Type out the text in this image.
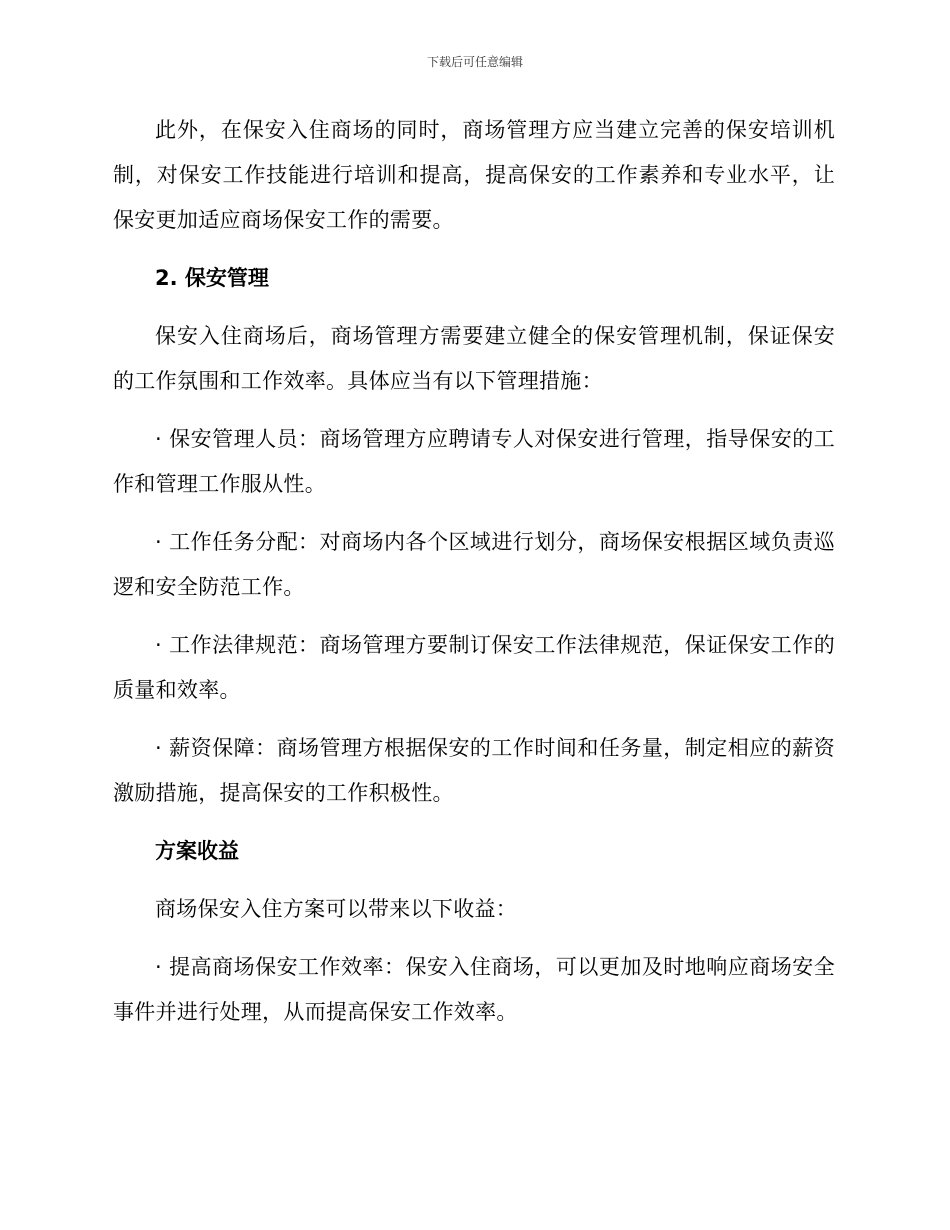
下载后可任意编辑

此外，在保安入住商场的同时，商场管理方应当建立完善的保安培训机制，对保安工作技能进行培训和提高，提高保安的工作素养和专业水平，让保安更加适应商场保安工作的需要。

2. 保安管理

保安入住商场后，商场管理方需要建立健全的保安管理机制，保证保安的工作氛围和工作效率。具体应当有以下管理措施：

· 保安管理人员：商场管理方应聘请专人对保安进行管理，指导保安的工作和管理工作服从性。

· 工作任务分配：对商场内各个区域进行划分，商场保安根据区域负责巡逻和安全防范工作。

· 工作法律规范：商场管理方要制订保安工作法律规范，保证保安工作的质量和效率。

· 薪资保障：商场管理方根据保安的工作时间和任务量，制定相应的薪资激励措施，提高保安的工作积极性。

方案收益

商场保安入住方案可以带来以下收益：

· 提高商场保安工作效率：保安入住商场，可以更加及时地响应商场安全事件并进行处理，从而提高保安工作效率。
